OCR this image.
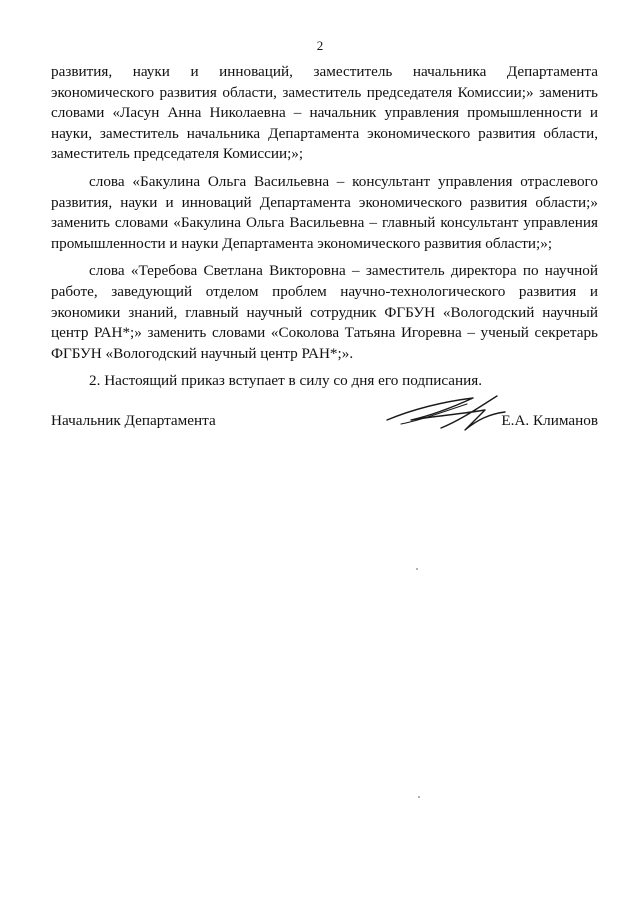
2

развития, науки и инноваций, заместитель начальника Департамента экономического развития области, заместитель председателя Комиссии;» заменить словами «Ласун Анна Николаевна – начальник управления промышленности и науки, заместитель начальника Департамента экономического развития области, заместитель председателя Комиссии;»;

слова «Бакулина Ольга Васильевна – консультант управления отраслевого развития, науки и инноваций Департамента экономического развития области;» заменить словами «Бакулина Ольга Васильевна – главный консультант управления промышленности и науки Департамента экономического развития области;»;

слова «Теребова Светлана Викторовна – заместитель директора по научной работе, заведующий отделом проблем научно-технологического развития и экономики знаний, главный научный сотрудник ФГБУН «Вологодский научный центр РАН*;» заменить словами «Соколова Татьяна Игоревна – ученый секретарь ФГБУН «Вологодский научный центр РАН*;».

2. Настоящий приказ вступает в силу со дня его подписания.

Начальник Департамента	Е.А. Климанов
